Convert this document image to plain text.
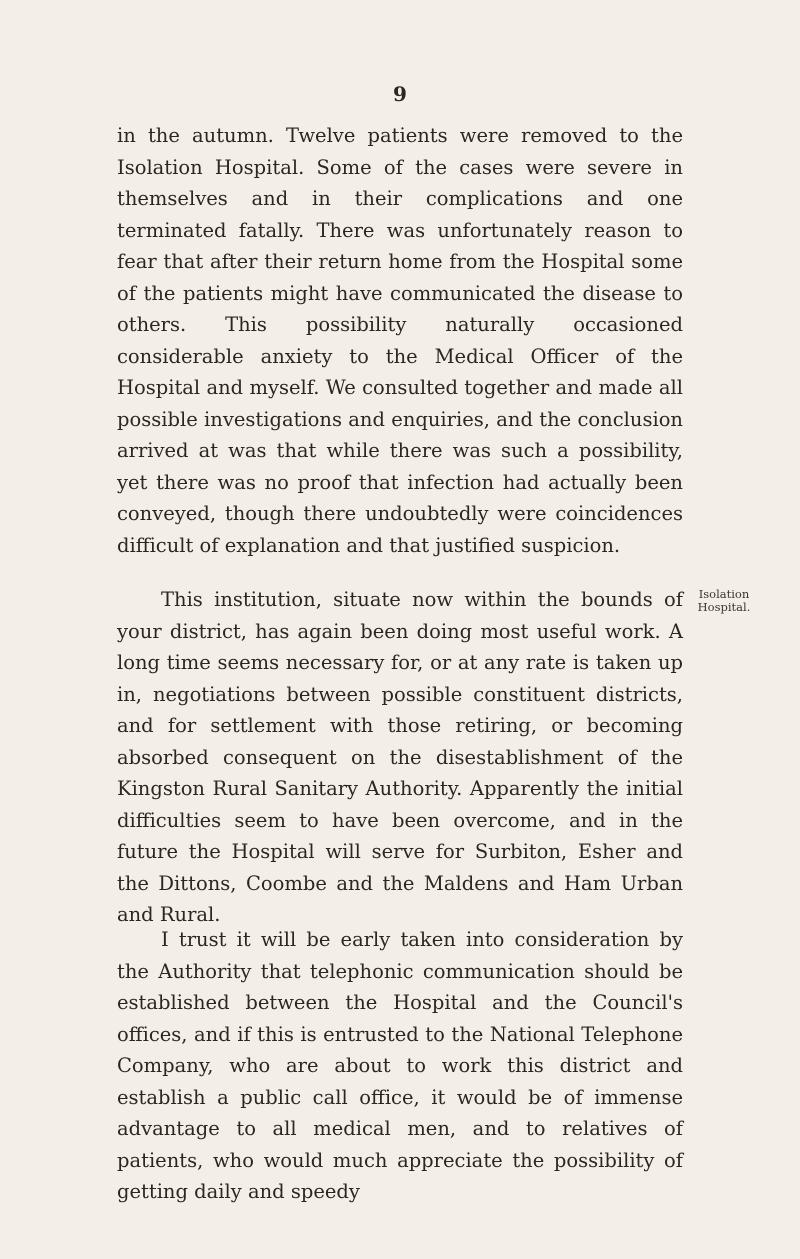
9

in the autumn. Twelve patients were removed to the Isolation Hospital. Some of the cases were severe in themselves and in their complications and one terminated fatally. There was unfortunately reason to fear that after their return home from the Hospital some of the patients might have communicated the disease to others. This possibility naturally occasioned considerable anxiety to the Medical Officer of the Hospital and myself. We consulted together and made all possible investigations and enquiries, and the conclusion arrived at was that while there was such a possibility, yet there was no proof that infection had actually been conveyed, though there undoubtedly were coincidences difficult of explanation and that justified suspicion.

Isolation
Hospital.

This institution, situate now within the bounds of your district, has again been doing most useful work. A long time seems necessary for, or at any rate is taken up in, negotiations between possible constituent districts, and for settlement with those retiring, or becoming absorbed consequent on the disestablishment of the Kingston Rural Sanitary Authority. Apparently the initial difficulties seem to have been overcome, and in the future the Hospital will serve for Surbiton, Esher and the Dittons, Coombe and the Maldens and Ham Urban and Rural.

I trust it will be early taken into consideration by the Authority that telephonic communication should be established between the Hospital and the Council's offices, and if this is entrusted to the National Telephone Company, who are about to work this district and establish a public call office, it would be of immense advantage to all medical men, and to relatives of patients, who would much appreciate the possibility of getting daily and speedy
